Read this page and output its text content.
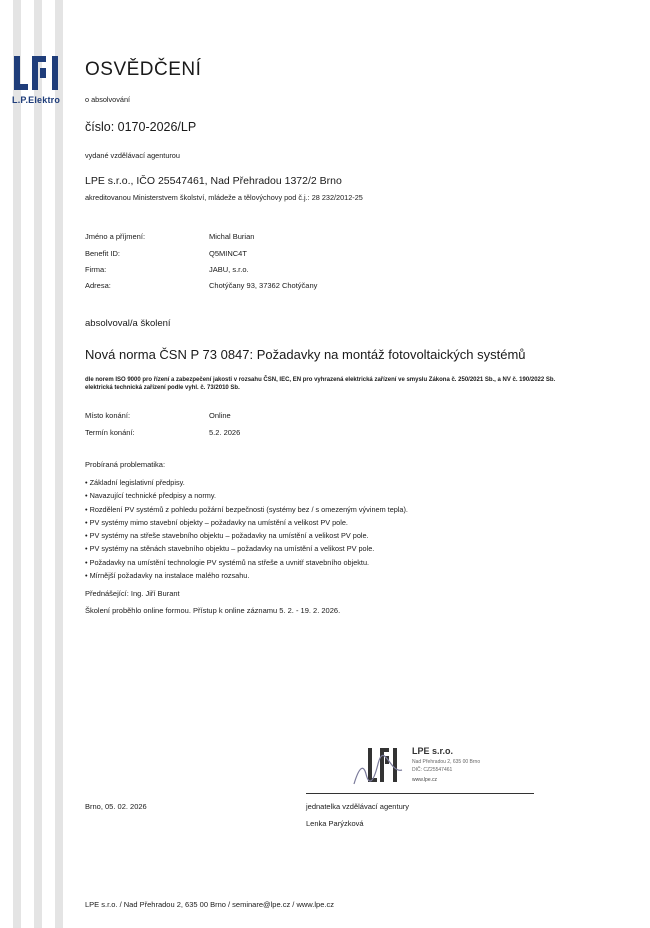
L.P.Elektro
OSVĚDČENÍ
o absolvování
číslo: 0170-2026/LP
vydané vzdělávací agenturou
LPE s.r.o., IČO 25547461, Nad Přehradou 1372/2 Brno
akreditovanou Ministerstvem školství, mládeže a tělovýchovy pod č.j.: 28 232/2012-25
Jméno a příjmení:	Michal Burian
Benefit ID:	Q5MINC4T
Firma:	JABU, s.r.o.
Adresa:	Chotýčany 93, 37362 Chotýčany
absolvoval/a školení
Nová norma ČSN P 73 0847: Požadavky na montáž fotovoltaických systémů
dle norem ISO 9000 pro řízení a zabezpečení jakosti v rozsahu ČSN, IEC, EN pro vyhrazená elektrická zařízení ve smyslu Zákona č. 250/2021 Sb., a NV č. 190/2022 Sb.
elektrická technická zařízení podle vyhl. č. 73/2010 Sb.
Místo konání:	Online
Termín konání:	5.2. 2026
Probíraná problematika:
• Základní legislativní předpisy.
• Navazující technické předpisy a normy.
• Rozdělení PV systémů z pohledu požární bezpečnosti (systémy bez / s omezeným vývinem tepla).
• PV systémy mimo stavební objekty – požadavky na umístění a velikost PV pole.
• PV systémy na střeše stavebního objektu – požadavky na umístění a velikost PV pole.
• PV systémy na stěnách stavebního objektu – požadavky na umístění a velikost PV pole.
• Požadavky na umístění technologie PV systémů na střeše a uvnitř stavebního objektu.
• Mírnější požadavky na instalace malého rozsahu.
Přednášející: Ing. Jiří Burant
Školení proběhlo online formou. Přístup k online záznamu 5. 2. - 19. 2. 2026.
LPE s.r.o.
Nad Přehradou 2, 635 00 Brno
DIČ: CZ25547461
www.lpe.cz
Brno, 05. 02. 2026	jednatelka vzdělávací agentury
Lenka Parýzková
LPE s.r.o. / Nad Přehradou 2, 635 00 Brno / seminare@lpe.cz / www.lpe.cz
